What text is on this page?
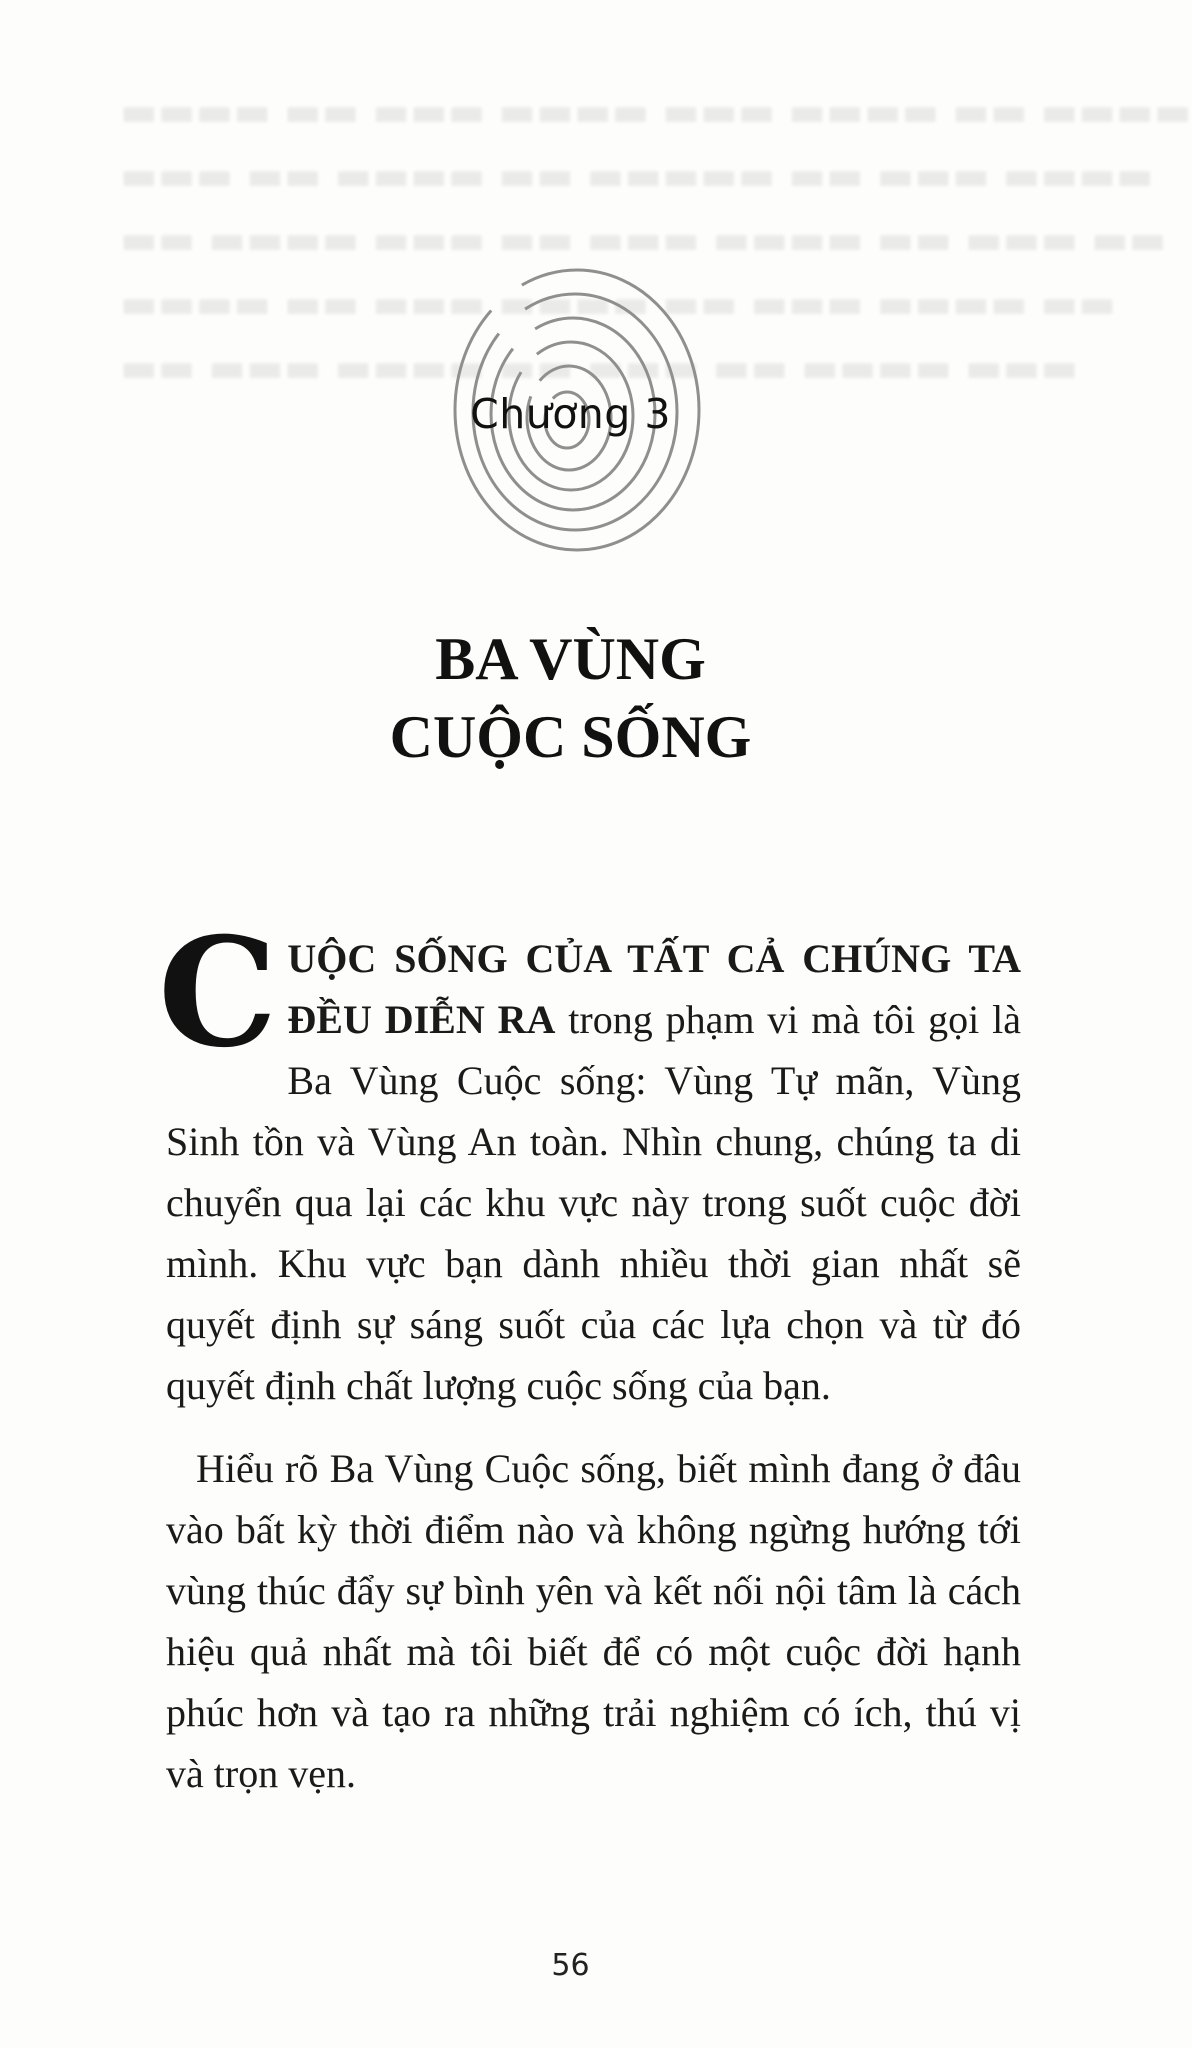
▬▬▬▬ ▬▬ ▬▬▬ ▬▬▬▬ ▬▬▬ ▬▬▬▬ ▬▬ ▬▬▬▬
▬▬▬ ▬▬ ▬▬▬▬ ▬▬ ▬▬▬▬▬ ▬▬ ▬▬▬ ▬▬▬▬
▬▬ ▬▬▬▬ ▬▬▬ ▬▬ ▬▬▬ ▬▬▬▬ ▬▬ ▬▬▬ ▬▬
▬▬▬▬ ▬▬ ▬▬▬ ▬▬▬▬ ▬▬ ▬▬▬ ▬▬▬▬ ▬▬
▬▬ ▬▬▬ ▬▬▬▬ ▬▬ ▬▬▬ ▬▬ ▬▬▬▬ ▬▬▬
Chương 3
BA VÙNG
CUỘC SỐNG

CUỘC SỐNG CỦA TẤT CẢ CHÚNG TA ĐỀU DIỄN RA trong phạm vi mà tôi gọi là Ba Vùng Cuộc sống: Vùng Tự mãn, Vùng Sinh tồn và Vùng An toàn. Nhìn chung, chúng ta di chuyển qua lại các khu vực này trong suốt cuộc đời mình. Khu vực bạn dành nhiều thời gian nhất sẽ quyết định sự sáng suốt của các lựa chọn và từ đó quyết định chất lượng cuộc sống của bạn.

Hiểu rõ Ba Vùng Cuộc sống, biết mình đang ở đâu vào bất kỳ thời điểm nào và không ngừng hướng tới vùng thúc đẩy sự bình yên và kết nối nội tâm là cách hiệu quả nhất mà tôi biết để có một cuộc đời hạnh phúc hơn và tạo ra những trải nghiệm có ích, thú vị và trọn vẹn.

56
